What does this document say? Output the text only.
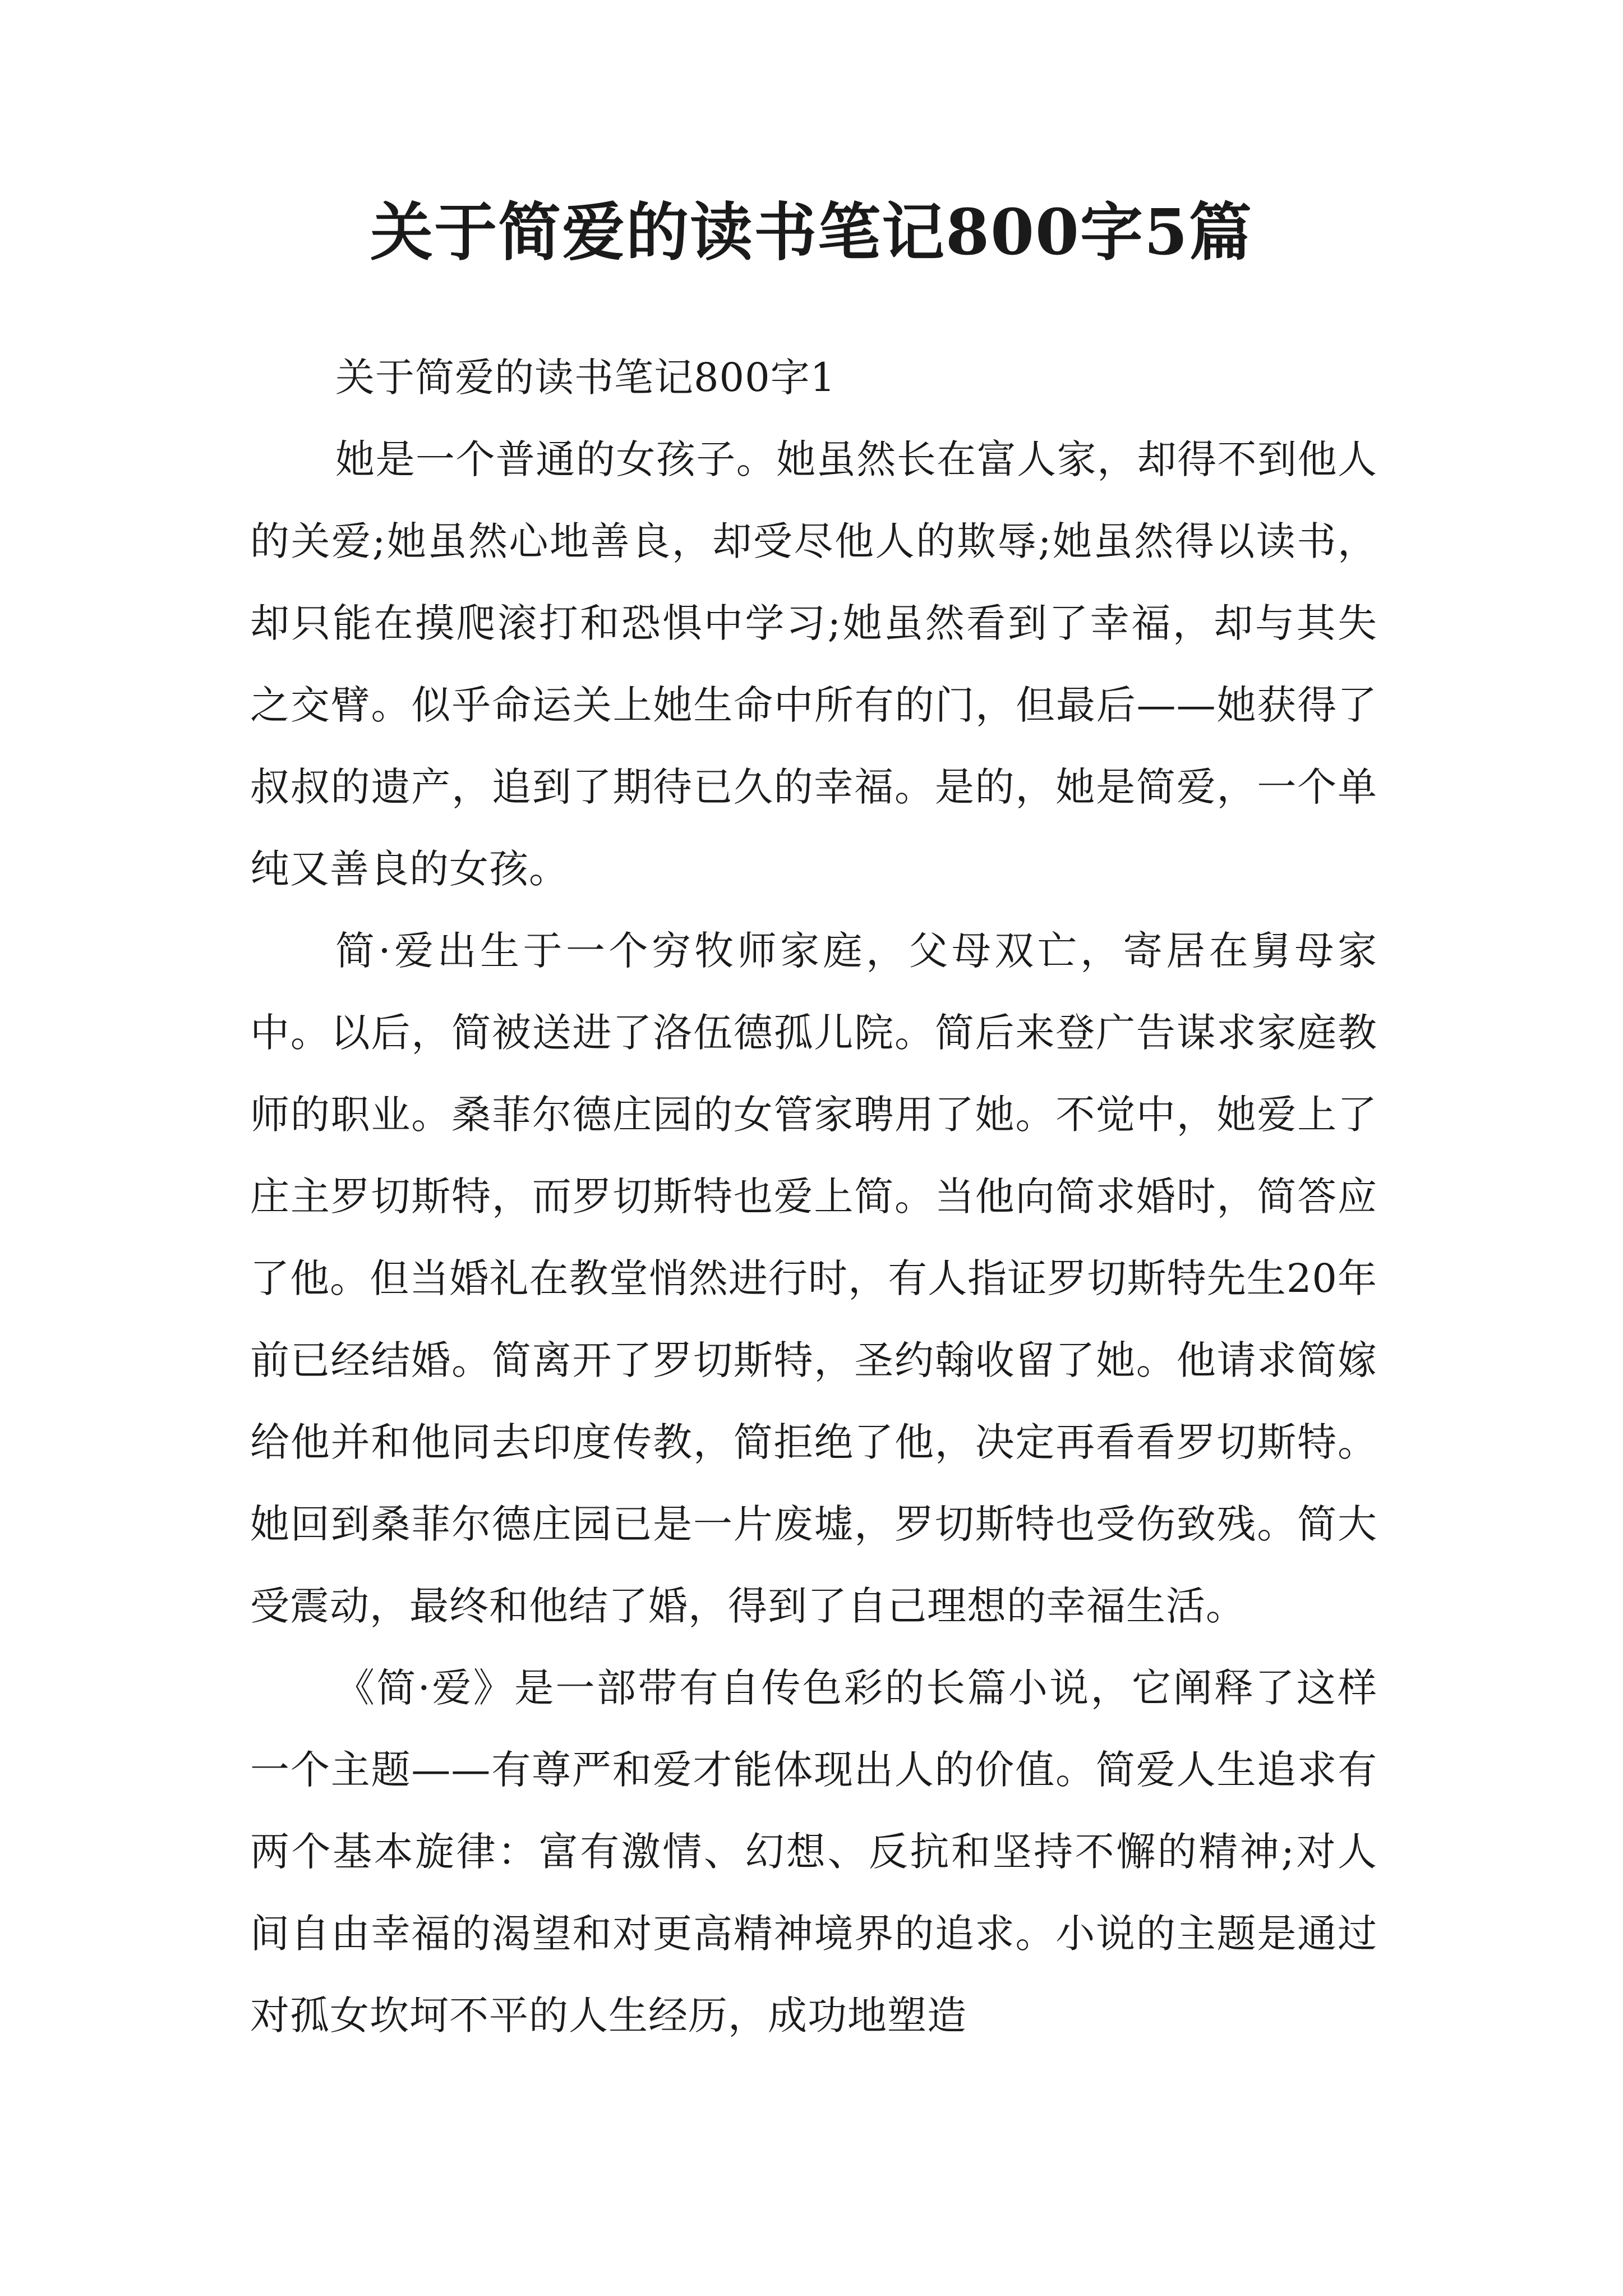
关于简爱的读书笔记800字5篇
关于简爱的读书笔记800字1

她是一个普通的女孩子。她虽然长在富人家，却得不到他人的关爱;她虽然心地善良，却受尽他人的欺辱;她虽然得以读书，却只能在摸爬滚打和恐惧中学习;她虽然看到了幸福，却与其失之交臂。似乎命运关上她生命中所有的门，但最后——她获得了叔叔的遗产，追到了期待已久的幸福。是的，她是简爱，一个单纯又善良的女孩。

简·爱出生于一个穷牧师家庭，父母双亡，寄居在舅母家中。以后，简被送进了洛伍德孤儿院。简后来登广告谋求家庭教师的职业。桑菲尔德庄园的女管家聘用了她。不觉中，她爱上了庄主罗切斯特，而罗切斯特也爱上简。当他向简求婚时，简答应了他。但当婚礼在教堂悄然进行时，有人指证罗切斯特先生20年前已经结婚。简离开了罗切斯特，圣约翰收留了她。他请求简嫁给他并和他同去印度传教，简拒绝了他，决定再看看罗切斯特。她回到桑菲尔德庄园已是一片废墟，罗切斯特也受伤致残。简大受震动，最终和他结了婚，得到了自己理想的幸福生活。

《简·爱》是一部带有自传色彩的长篇小说，它阐释了这样一个主题——有尊严和爱才能体现出人的价值。简爱人生追求有两个基本旋律：富有激情、幻想、反抗和坚持不懈的精神;对人间自由幸福的渴望和对更高精神境界的追求。小说的主题是通过对孤女坎坷不平的人生经历，成功地塑造
